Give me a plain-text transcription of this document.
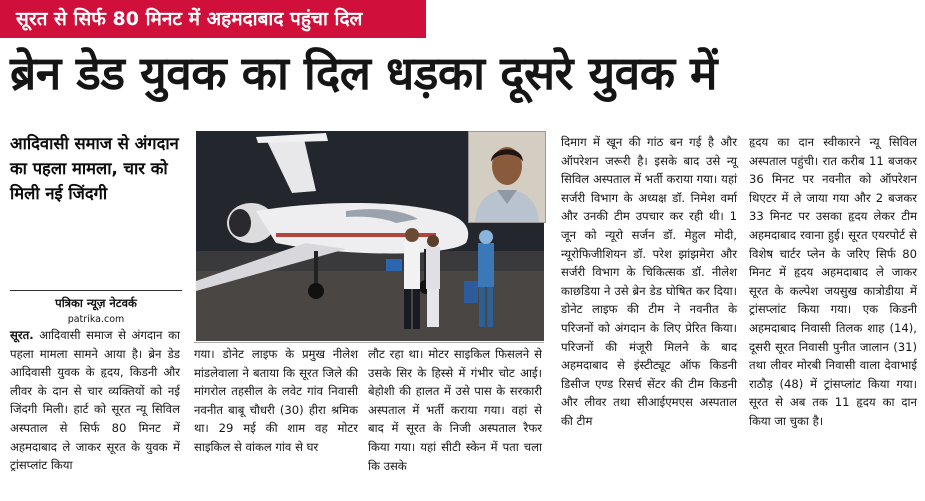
सूरत से सिर्फ 80 मिनट में अहमदाबाद पहुंचा दिल
ब्रेन डेड युवक का दिल धड़का दूसरे युवक में
आदिवासी समाज से अंगदान का पहला मामला, चार को मिली नई जिंदगी
पत्रिका न्यूज़ नेटवर्क
patrika.com

सूरत. आदिवासी समाज से अंगदान का पहला मामला सामने आया है। ब्रेन डेड आदिवासी युवक के हृदय, किडनी और लीवर के दान से चार व्यक्तियों को नई जिंदगी मिली। हार्ट को सूरत न्यू सिविल अस्पताल से सिर्फ 80 मिनट में अहमदाबाद ले जाकर सूरत के युवक में ट्रांसप्लांट किया

गया। डोनेट लाइफ के प्रमुख नीलेश मांडलेवाला ने बताया कि सूरत जिले की मांगरोल तहसील के लवेट गांव निवासी नवनीत बाबू चौधरी (30) हीरा श्रमिक था। 29 मई की शाम वह मोटर साइकिल से वांकल गांव से घर

लौट रहा था। मोटर साइकिल फिसलने से उसके सिर के हिस्से में गंभीर चोट आई। बेहोशी की हालत में उसे पास के सरकारी अस्पताल में भर्ती कराया गया। वहां से बाद में सूरत के निजी अस्पताल रैफर किया गया। यहां सीटी स्केन में पता चला कि उसके

दिमाग में खून की गांठ बन गई है और ऑपरेशन जरूरी है। इसके बाद उसे न्यू सिविल अस्पताल में भर्ती कराया गया। यहां सर्जरी विभाग के अध्यक्ष डॉ. निमेश वर्मा और उनकी टीम उपचार कर रही थी। 1 जून को न्यूरो सर्जन डॉ. मेहुल मोदी, न्यूरोफिजीशियन डॉ. परेश झांझमेरा और सर्जरी विभाग के चिकित्सक डॉ. नीलेश काछडिया ने उसे ब्रेन डेड घोषित कर दिया। डोनेट लाइफ की टीम ने नवनीत के परिजनों को अंगदान के लिए प्रेरित किया। परिजनों की मंजूरी मिलने के बाद अहमदाबाद से इंस्टीट्यूट ऑफ किडनी डिसीज एण्ड रिसर्च सेंटर की टीम किडनी और लीवर तथा सीआईएमएस अस्पताल की टीम

हृदय का दान स्वीकारने न्यू सिविल अस्पताल पहुंची। रात करीब 11 बजकर 36 मिनट पर नवनीत को ऑपरेशन थिएटर में ले जाया गया और 2 बजकर 33 मिनट पर उसका हृदय लेकर टीम अहमदाबाद रवाना हुई। सूरत एयरपोर्ट से विशेष चार्टर प्लेन के जरिए सिर्फ 80 मिनट में हृदय अहमदाबाद ले जाकर सूरत के कल्पेश जयसुख कात्रोडीया में ट्रांसप्लांट किया गया। एक किडनी अहमदाबाद निवासी तिलक शाह (14), दूसरी सूरत निवासी पुनीत जालान (31) तथा लीवर मोरबी निवासी वाला देवाभाई राठौड़ (48) में ट्रांसप्लांट किया गया। सूरत से अब तक 11 हृदय का दान किया जा चुका है।
